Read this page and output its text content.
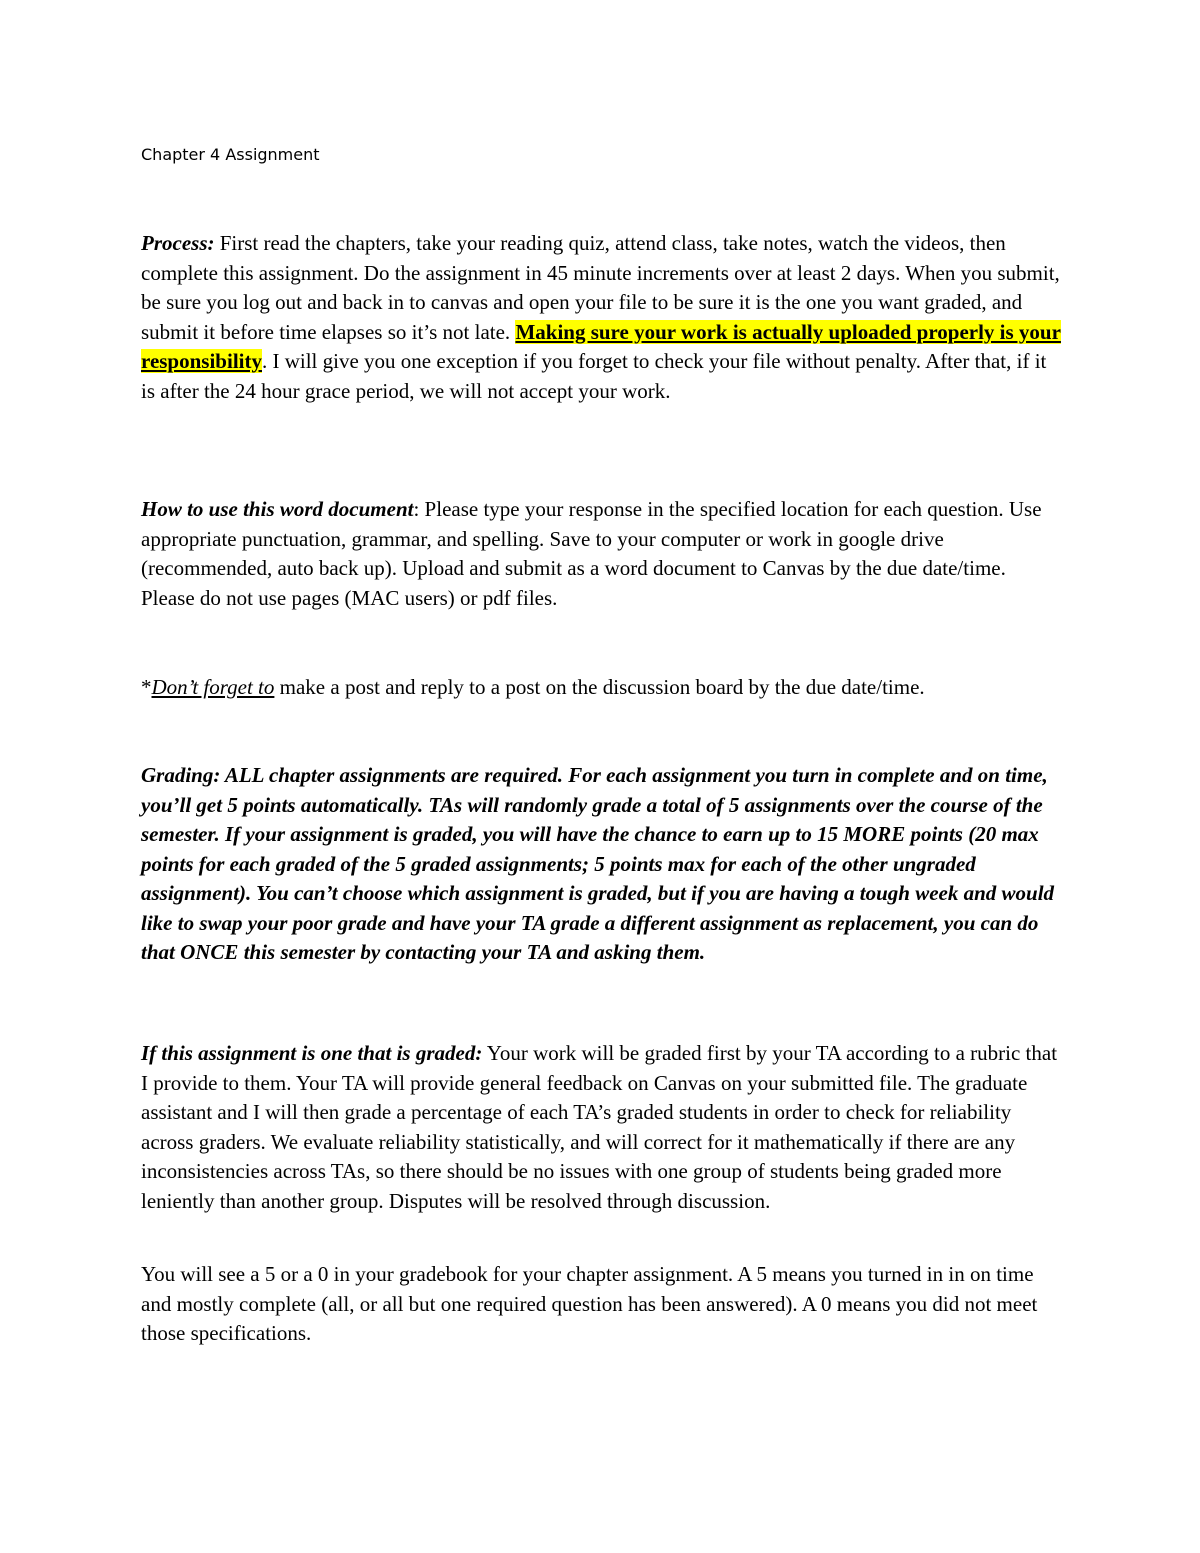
Chapter 4 Assignment

Process: First read the chapters, take your reading quiz, attend class, take notes, watch the videos, then complete this assignment. Do the assignment in 45 minute increments over at least 2 days. When you submit, be sure you log out and back in to canvas and open your file to be sure it is the one you want graded, and submit it before time elapses so it’s not late. Making sure your work is actually uploaded properly is your responsibility. I will give you one exception if you forget to check your file without penalty. After that, if it is after the 24 hour grace period, we will not accept your work.

How to use this word document: Please type your response in the specified location for each question. Use appropriate punctuation, grammar, and spelling. Save to your computer or work in google drive (recommended, auto back up). Upload and submit as a word document to Canvas by the due date/time. Please do not use pages (MAC users) or pdf files.

*Don’t forget to make a post and reply to a post on the discussion board by the due date/time.

Grading: ALL chapter assignments are required. For each assignment you turn in complete and on time, you’ll get 5 points automatically. TAs will randomly grade a total of 5 assignments over the course of the semester. If your assignment is graded, you will have the chance to earn up to 15 MORE points (20 max points for each graded of the 5 graded assignments; 5 points max for each of the other ungraded assignment). You can’t choose which assignment is graded, but if you are having a tough week and would like to swap your poor grade and have your TA grade a different assignment as replacement, you can do that ONCE this semester by contacting your TA and asking them.

If this assignment is one that is graded: Your work will be graded first by your TA according to a rubric that I provide to them. Your TA will provide general feedback on Canvas on your submitted file. The graduate assistant and I will then grade a percentage of each TA’s graded students in order to check for reliability across graders. We evaluate reliability statistically, and will correct for it mathematically if there are any inconsistencies across TAs, so there should be no issues with one group of students being graded more leniently than another group. Disputes will be resolved through discussion.

You will see a 5 or a 0 in your gradebook for your chapter assignment. A 5 means you turned in in on time and mostly complete (all, or all but one required question has been answered). A 0 means you did not meet those specifications.
